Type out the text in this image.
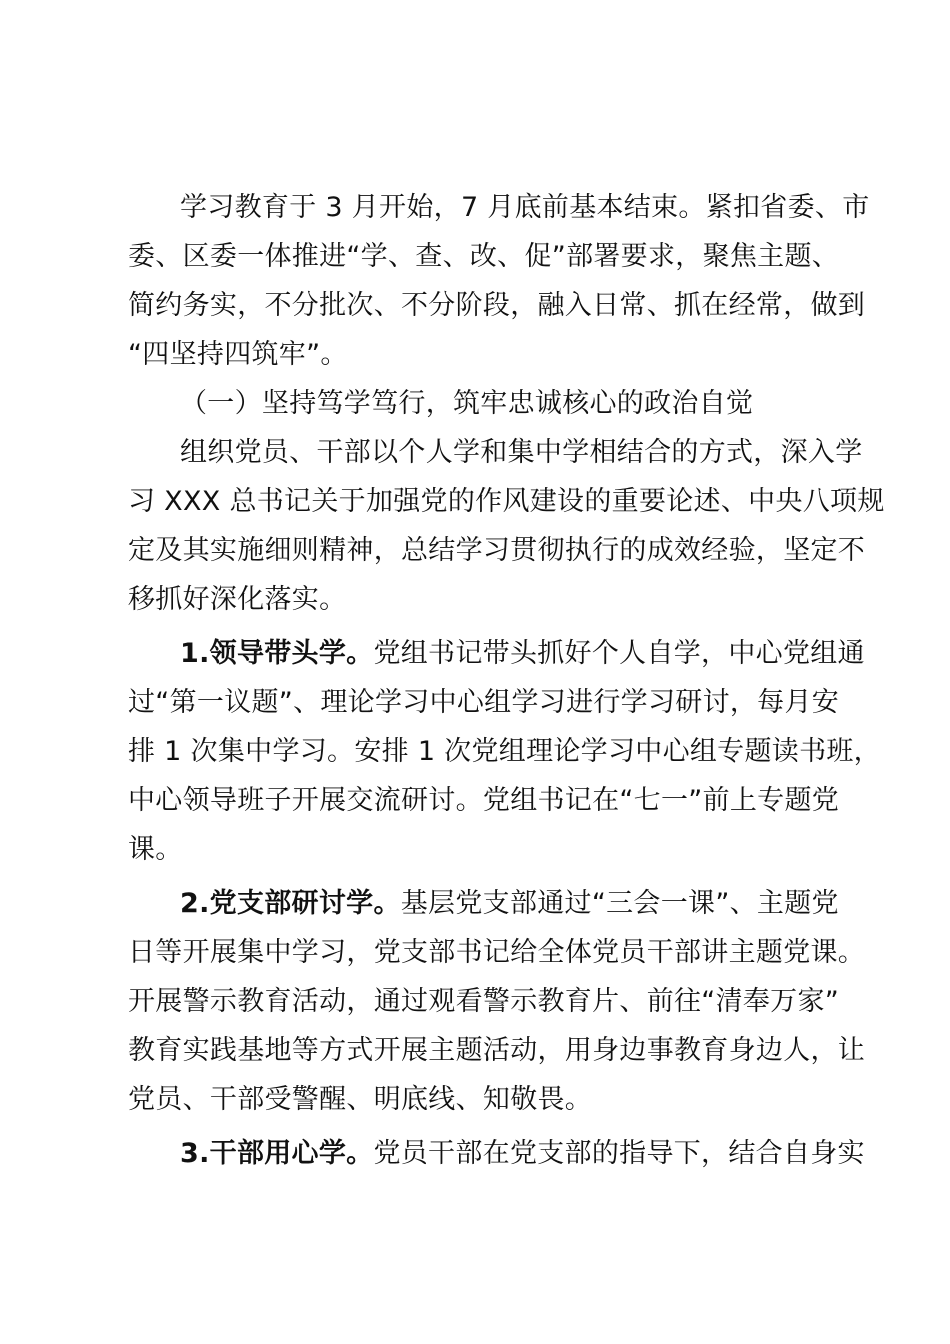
学习教育于 3 月开始，7 月底前基本结束。紧扣省委、市
委、区委一体推进“学、查、改、促”部署要求，聚焦主题、
简约务实，不分批次、不分阶段，融入日常、抓在经常，做到
“四坚持四筑牢”。
（一）坚持笃学笃行，筑牢忠诚核心的政治自觉
组织党员、干部以个人学和集中学相结合的方式，深入学
习 XXX 总书记关于加强党的作风建设的重要论述、中央八项规
定及其实施细则精神，总结学习贯彻执行的成效经验，坚定不
移抓好深化落实。
1.领导带头学。党组书记带头抓好个人自学，中心党组通
过“第一议题”、理论学习中心组学习进行学习研讨，每月安
排 1 次集中学习。安排 1 次党组理论学习中心组专题读书班，
中心领导班子开展交流研讨。党组书记在“七一”前上专题党
课。
2.党支部研讨学。基层党支部通过“三会一课”、主题党
日等开展集中学习，党支部书记给全体党员干部讲主题党课。
开展警示教育活动，通过观看警示教育片、前往“清奉万家”
教育实践基地等方式开展主题活动，用身边事教育身边人，让
党员、干部受警醒、明底线、知敬畏。
3.干部用心学。党员干部在党支部的指导下，结合自身实
